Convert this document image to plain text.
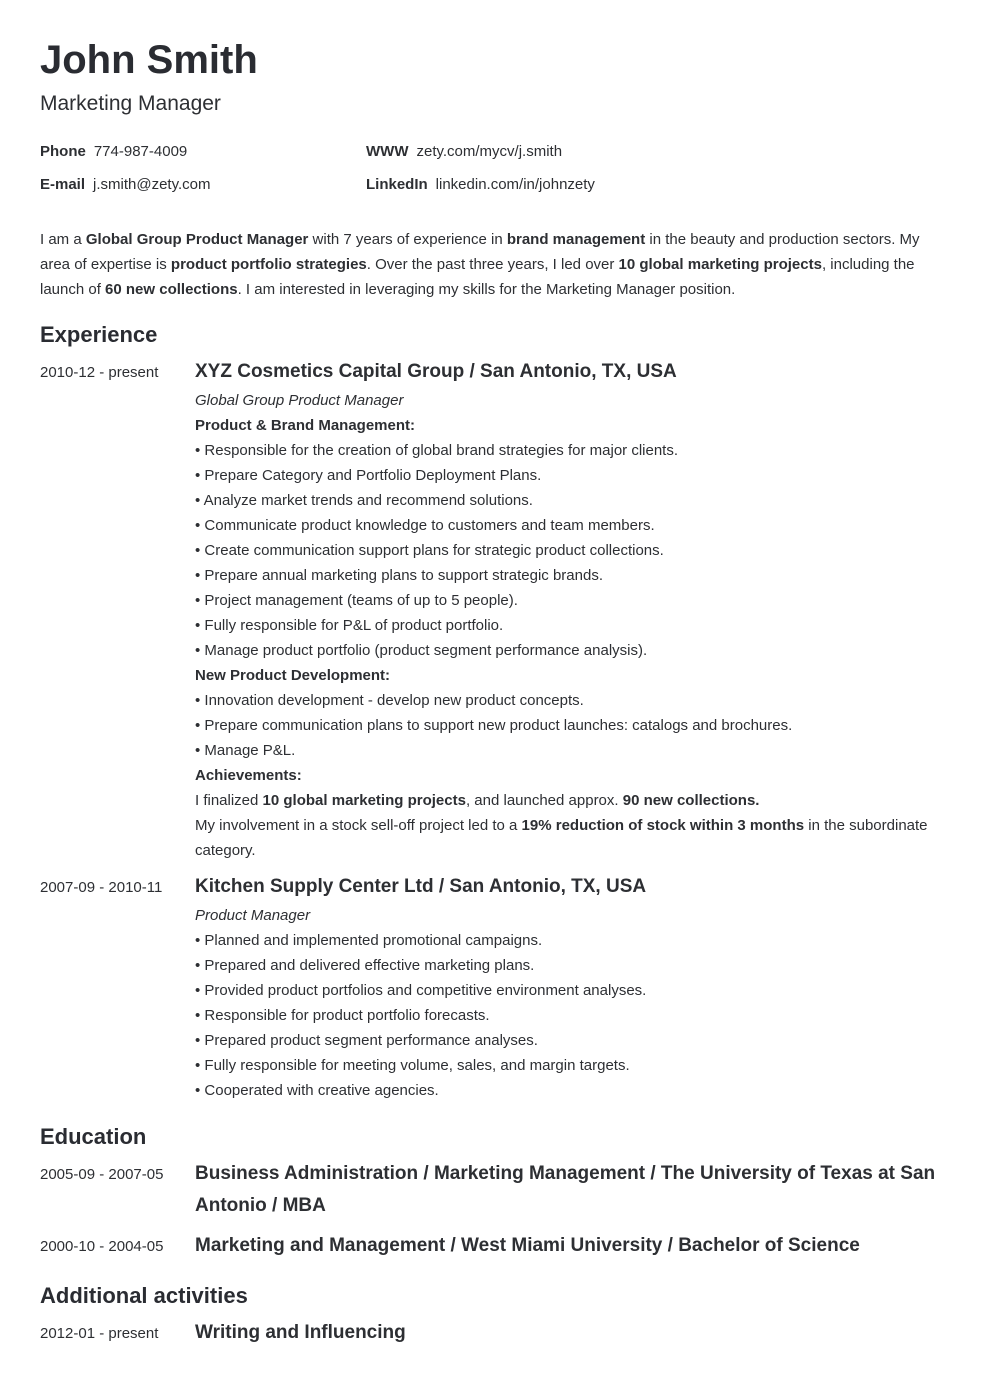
John Smith
Marketing Manager
Phone 774-987-4009
E-mail j.smith@zety.com
WWW zety.com/mycv/j.smith
LinkedIn linkedin.com/in/johnzety
I am a Global Group Product Manager with 7 years of experience in brand management in the beauty and production sectors. My area of expertise is product portfolio strategies. Over the past three years, I led over 10 global marketing projects, including the launch of 60 new collections. I am interested in leveraging my skills for the Marketing Manager position.
Experience
2010-12 - present XYZ Cosmetics Capital Group / San Antonio, TX, USA
Global Group Product Manager
Product & Brand Management:
• Responsible for the creation of global brand strategies for major clients.
• Prepare Category and Portfolio Deployment Plans.
• Analyze market trends and recommend solutions.
• Communicate product knowledge to customers and team members.
• Create communication support plans for strategic product collections.
• Prepare annual marketing plans to support strategic brands.
• Project management (teams of up to 5 people).
• Fully responsible for P&L of product portfolio.
• Manage product portfolio (product segment performance analysis).
New Product Development:
• Innovation development - develop new product concepts.
• Prepare communication plans to support new product launches: catalogs and brochures.
• Manage P&L.
Achievements:
I finalized 10 global marketing projects, and launched approx. 90 new collections.
My involvement in a stock sell-off project led to a 19% reduction of stock within 3 months in the subordinate category.
2007-09 - 2010-11 Kitchen Supply Center Ltd / San Antonio, TX, USA
Product Manager
• Planned and implemented promotional campaigns.
• Prepared and delivered effective marketing plans.
• Provided product portfolios and competitive environment analyses.
• Responsible for product portfolio forecasts.
• Prepared product segment performance analyses.
• Fully responsible for meeting volume, sales, and margin targets.
• Cooperated with creative agencies.
Education
2005-09 - 2007-05 Business Administration / Marketing Management / The University of Texas at San Antonio / MBA
2000-10 - 2004-05 Marketing and Management / West Miami University / Bachelor of Science
Additional activities
2012-01 - present Writing and Influencing
